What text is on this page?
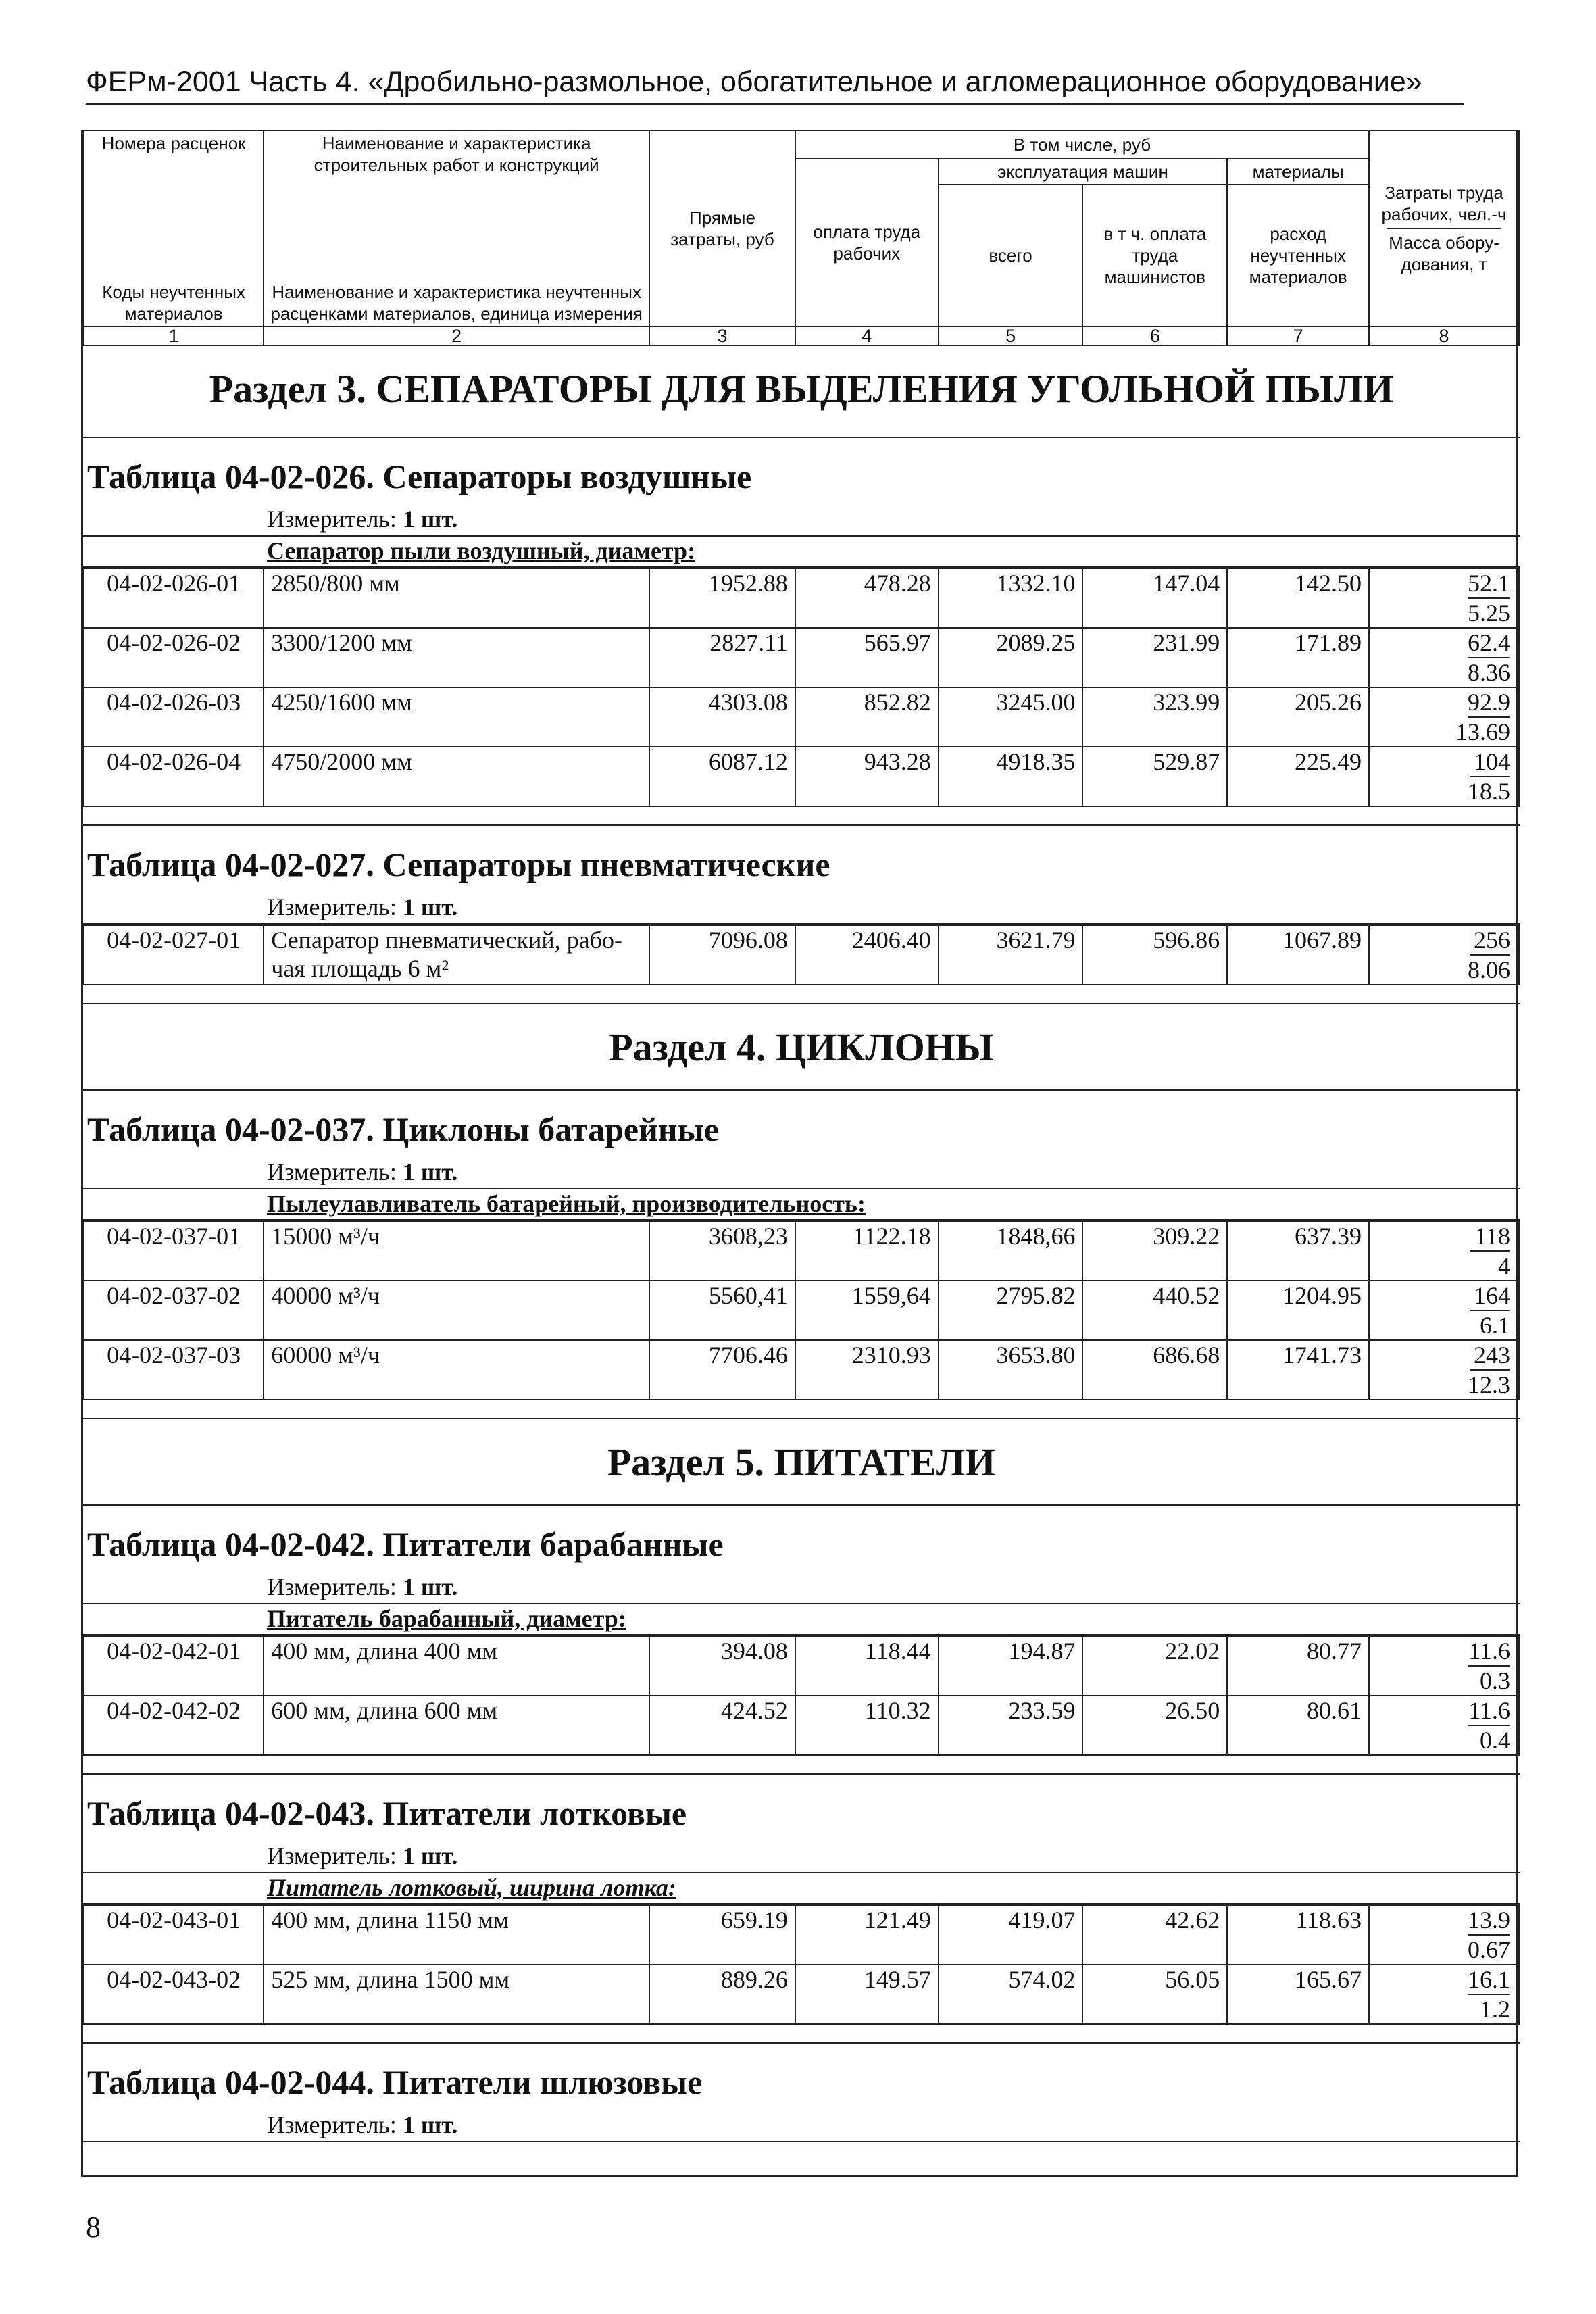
ФЕРм-2001 Часть 4. «Дробильно-размольное, обогатительное и агломерационное оборудование»
Номера расценок	Наименование и характеристика строительных работ и конструкций	Прямые затраты, руб	В том числе, руб				Затраты труда рабочих, чел.-ч
Масса обору-дования, т

			оплата труда рабочих	эксплуатация машин		материалы	
Коды неучтенных материалов	Наименование и характеристика неучтенных расценками материалов, единица измерения			всего	в т ч. оплата труда машинистов	расход неучтенных материалов	

1	2	3	4	5	6	7	8
Раздел 3. СЕПАРАТОРЫ ДЛЯ ВЫДЕЛЕНИЯ УГОЛЬНОЙ ПЫЛИ
Таблица 04-02-026. Сепараторы воздушные
Измеритель: 1 шт.
Сепаратор пыли воздушный, диаметр:
04-02-026-01	2850/800 мм	1952.88	478.28	1332.10	147.04	142.50	52.1
5.25

04-02-026-02	3300/1200 мм	2827.11	565.97	2089.25	231.99	171.89	62.4
8.36

04-02-026-03	4250/1600 мм	4303.08	852.82	3245.00	323.99	205.26	92.9
13.69

04-02-026-04	4750/2000 мм	6087.12	943.28	4918.35	529.87	225.49	104
18.5
Таблица 04-02-027. Сепараторы пневматические
Измеритель: 1 шт.
04-02-027-01	Сепаратор пневматический, рабо-
чая площадь 6 м²
	7096.08	2406.40	3621.79	596.86	1067.89	256
8.06
Раздел 4. ЦИКЛОНЫ
Таблица 04-02-037. Циклоны батарейные
Измеритель: 1 шт.
Пылеулавливатель батарейный, производительность:
04-02-037-01	15000 м³/ч	3608,23	1122.18	1848,66	309.22	637.39	118
4

04-02-037-02	40000 м³/ч	5560,41	1559,64	2795.82	440.52	1204.95	164
6.1

04-02-037-03	60000 м³/ч	7706.46	2310.93	3653.80	686.68	1741.73	243
12.3
Раздел 5. ПИТАТЕЛИ
Таблица 04-02-042. Питатели барабанные
Измеритель: 1 шт.
Питатель барабанный, диаметр:
04-02-042-01	400 мм, длина 400 мм	394.08	118.44	194.87	22.02	80.77	11.6
0.3

04-02-042-02	600 мм, длина 600 мм	424.52	110.32	233.59	26.50	80.61	11.6
0.4
Таблица 04-02-043. Питатели лотковые
Измеритель: 1 шт.
Питатель лотковый, ширина лотка:
04-02-043-01	400 мм, длина 1150 мм	659.19	121.49	419.07	42.62	118.63	13.9
0.67

04-02-043-02	525 мм, длина 1500 мм	889.26	149.57	574.02	56.05	165.67	16.1
1.2
Таблица 04-02-044. Питатели шлюзовые
Измеритель: 1 шт.
8
